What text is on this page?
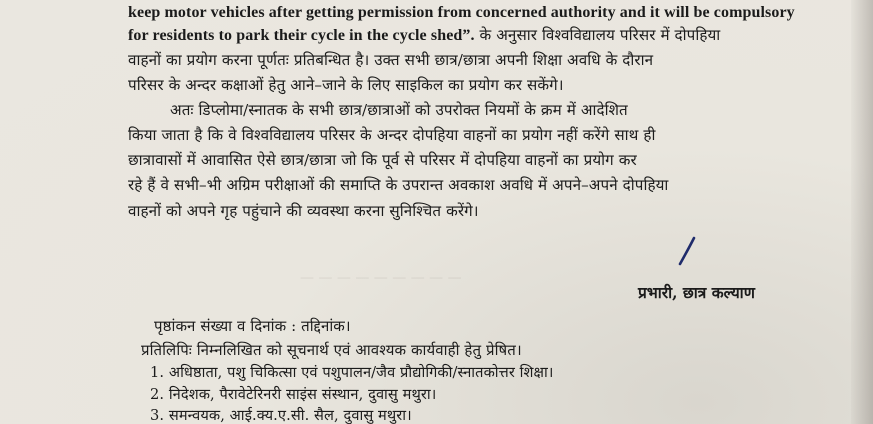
keep motor vehicles after getting permission from concerned authority and it will be compulsory
for residents to park their cycle in the cycle shed”. के अनुसार विश्वविद्यालय परिसर में दोपहिया
वाहनों का प्रयोग करना पूर्णतः प्रतिबन्धित है। उक्त सभी छात्र/छात्रा अपनी शिक्षा अवधि के दौरान
परिसर के अन्दर कक्षाओं हेतु आने–जाने के लिए साइकिल का प्रयोग कर सकेंगे।
अतः डिप्लोमा/स्नातक के सभी छात्र/छात्राओं को उपरोक्त नियमों के क्रम में आदेशित
किया जाता है कि वे विश्वविद्यालय परिसर के अन्दर दोपहिया वाहनों का प्रयोग नहीं करेंगे साथ ही
छात्रावासों में आवासित ऐसे छात्र/छात्रा जो कि पूर्व से परिसर में दोपहिया वाहनों का प्रयोग कर
रहे हैं वे सभी–भी अग्रिम परीक्षाओं की समाप्ति के उपरान्त अवकाश अवधि में अपने–अपने दोपहिया
वाहनों को अपने गृह पहुंचाने की व्यवस्था करना सुनिश्चित करेंगे।
प्रभारी, छात्र कल्याण
— — — — — — — — —
पृष्ठांकन संख्या व दिनांक : तद्दिनांक।
प्रतिलिपिः निम्नलिखित को सूचनार्थ एवं आवश्यक कार्यवाही हेतु प्रेषित।
1. अधिष्ठाता, पशु चिकित्सा एवं पशुपालन/जैव प्रौद्योगिकी/स्नातकोत्तर शिक्षा।
2. निदेशक, पैरावेटेरिनरी साइंस संस्थान, दुवासु मथुरा।
3. समन्वयक, आई.क्य.ए.सी. सैल, दुवासु मथुरा।
